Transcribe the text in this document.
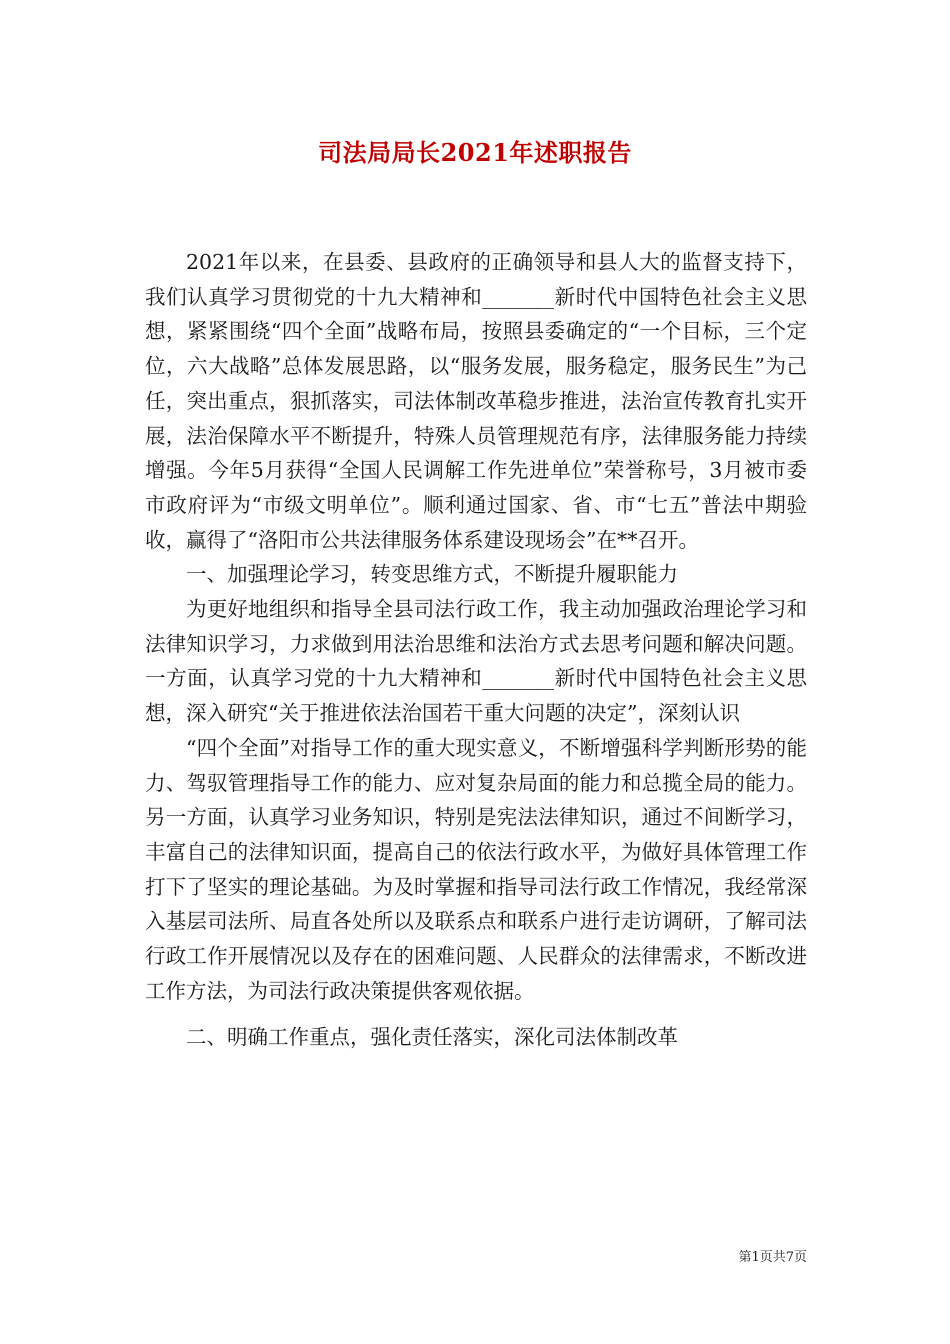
司法局局长2021年述职报告

2021年以来，在县委、县政府的正确领导和县人大的监督支持下，我们认真学习贯彻党的十九大精神和_______新时代中国特色社会主义思想，紧紧围绕“四个全面”战略布局，按照县委确定的“一个目标，三个定位，六大战略”总体发展思路，以“服务发展，服务稳定，服务民生”为己任，突出重点，狠抓落实，司法体制改革稳步推进，法治宣传教育扎实开展，法治保障水平不断提升，特殊人员管理规范有序，法律服务能力持续增强。今年5月获得“全国人民调解工作先进单位”荣誉称号，3月被市委市政府评为“市级文明单位”。顺利通过国家、省、市“七五”普法中期验收，赢得了“洛阳市公共法律服务体系建设现场会”在**召开。

一、加强理论学习，转变思维方式，不断提升履职能力

为更好地组织和指导全县司法行政工作，我主动加强政治理论学习和法律知识学习，力求做到用法治思维和法治方式去思考问题和解决问题。一方面，认真学习党的十九大精神和_______新时代中国特色社会主义思想，深入研究“关于推进依法治国若干重大问题的决定”，深刻认识

“四个全面”对指导工作的重大现实意义，不断增强科学判断形势的能力、驾驭管理指导工作的能力、应对复杂局面的能力和总揽全局的能力。另一方面，认真学习业务知识，特别是宪法法律知识，通过不间断学习，丰富自己的法律知识面，提高自己的依法行政水平，为做好具体管理工作打下了坚实的理论基础。为及时掌握和指导司法行政工作情况，我经常深入基层司法所、局直各处所以及联系点和联系户进行走访调研，了解司法行政工作开展情况以及存在的困难问题、人民群众的法律需求，不断改进工作方法，为司法行政决策提供客观依据。

二、明确工作重点，强化责任落实，深化司法体制改革

第1页共7页
